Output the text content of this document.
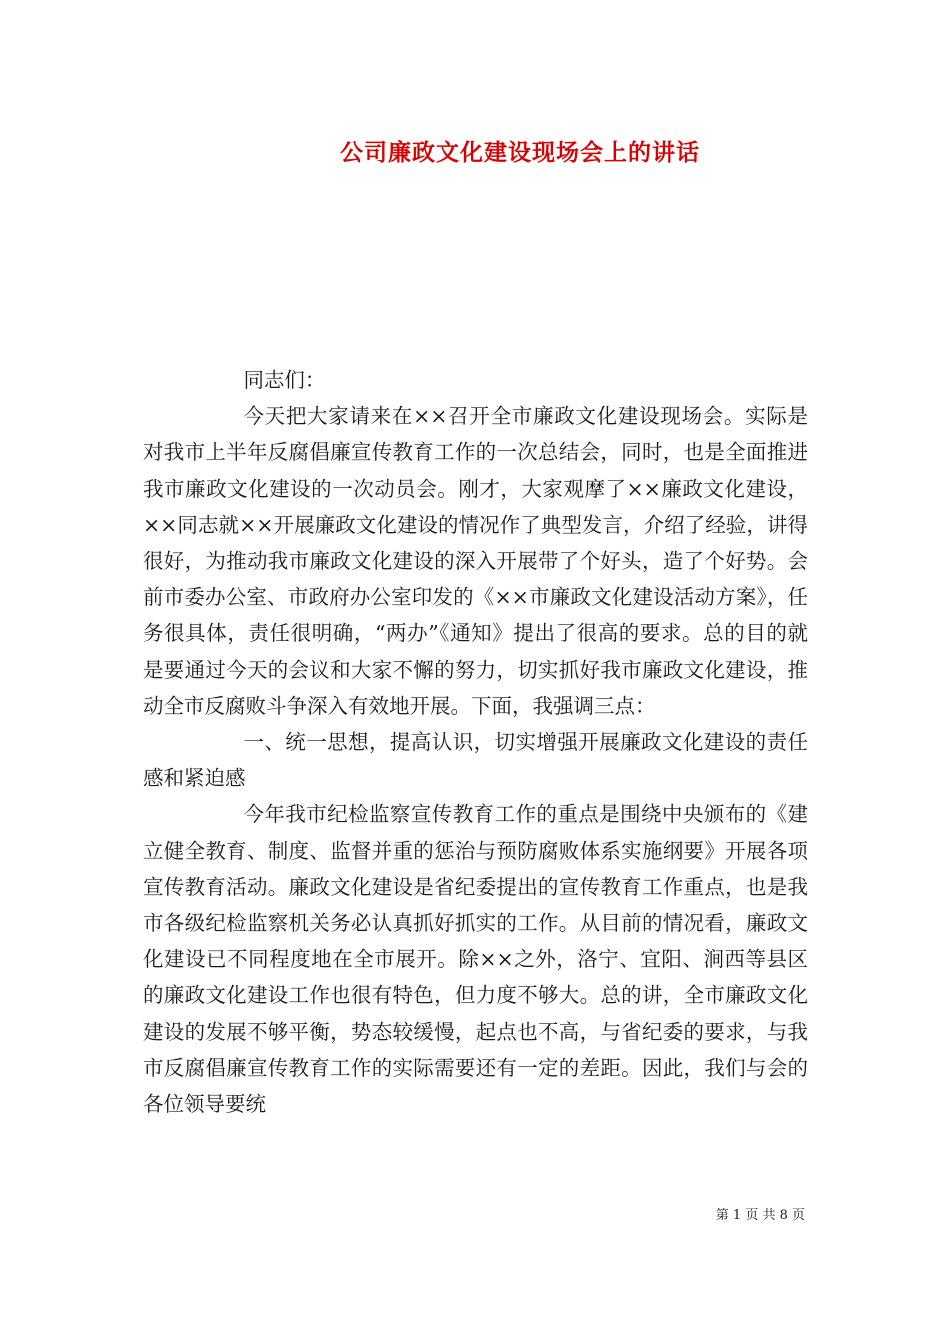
公司廉政文化建设现场会上的讲话

同志们：

今天把大家请来在××召开全市廉政文化建设现场会。实际是对我市上半年反腐倡廉宣传教育工作的一次总结会，同时，也是全面推进我市廉政文化建设的一次动员会。刚才，大家观摩了××廉政文化建设，××同志就××开展廉政文化建设的情况作了典型发言，介绍了经验，讲得很好，为推动我市廉政文化建设的深入开展带了个好头，造了个好势。会前市委办公室、市政府办公室印发的《××市廉政文化建设活动方案》，任务很具体，责任很明确，“两办”《通知》提出了很高的要求。总的目的就是要通过今天的会议和大家不懈的努力，切实抓好我市廉政文化建设，推动全市反腐败斗争深入有效地开展。下面，我强调三点：

一、统一思想，提高认识，切实增强开展廉政文化建设的责任感和紧迫感

今年我市纪检监察宣传教育工作的重点是围绕中央颁布的《建立健全教育、制度、监督并重的惩治与预防腐败体系实施纲要》开展各项宣传教育活动。廉政文化建设是省纪委提出的宣传教育工作重点，也是我市各级纪检监察机关务必认真抓好抓实的工作。从目前的情况看，廉政文化建设已不同程度地在全市展开。除××之外，洛宁、宜阳、涧西等县区的廉政文化建设工作也很有特色，但力度不够大。总的讲，全市廉政文化建设的发展不够平衡，势态较缓慢，起点也不高，与省纪委的要求，与我市反腐倡廉宣传教育工作的实际需要还有一定的差距。因此，我们与会的各位领导要统

第 1 页 共 8 页
